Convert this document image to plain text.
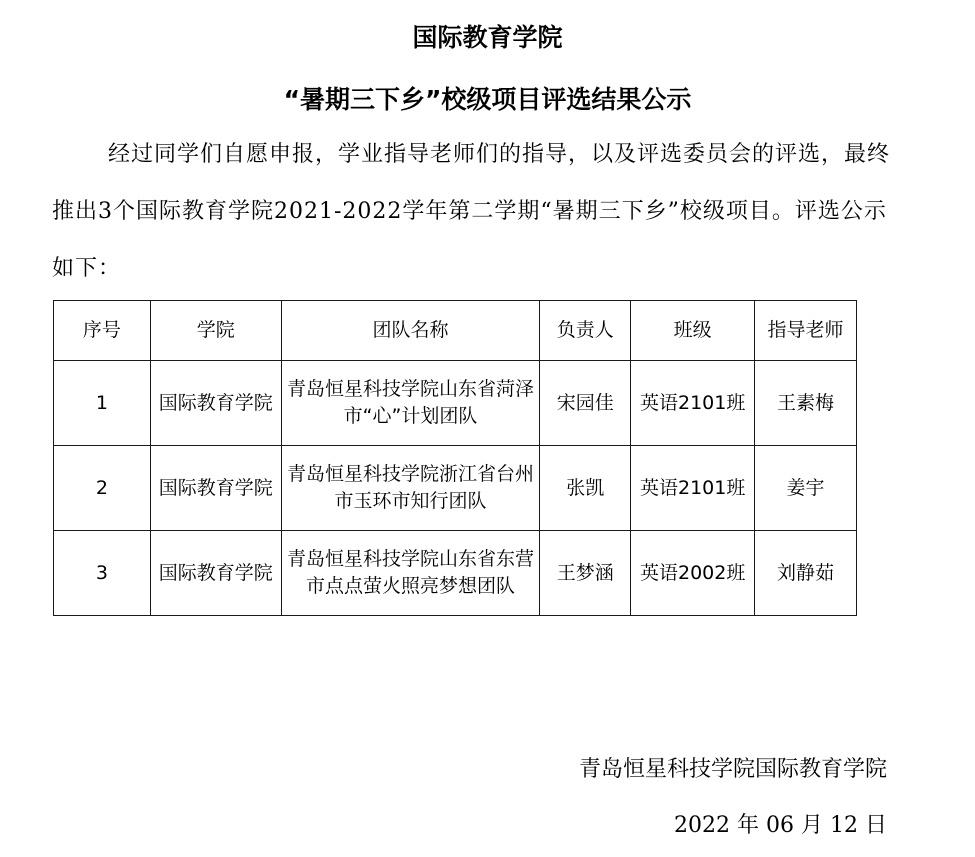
国际教育学院
“暑期三下乡”校级项目评选结果公示

经过同学们自愿申报，学业指导老师们的指导，以及评选委员会的评选，最终推出3个国际教育学院2021-2022学年第二学期“暑期三下乡”校级项目。评选公示如下：

序号	学院	团队名称	负责人	班级	指导老师
1	国际教育学院	青岛恒星科技学院山东省菏泽市“心”计划团队	宋园佳	英语2101班	王素梅
2	国际教育学院	青岛恒星科技学院浙江省台州市玉环市知行团队	张凯	英语2101班	姜宇
3	国际教育学院	青岛恒星科技学院山东省东营市点点萤火照亮梦想团队	王梦涵	英语2002班	刘静茹

青岛恒星科技学院国际教育学院

2022 年 06 月 12 日
